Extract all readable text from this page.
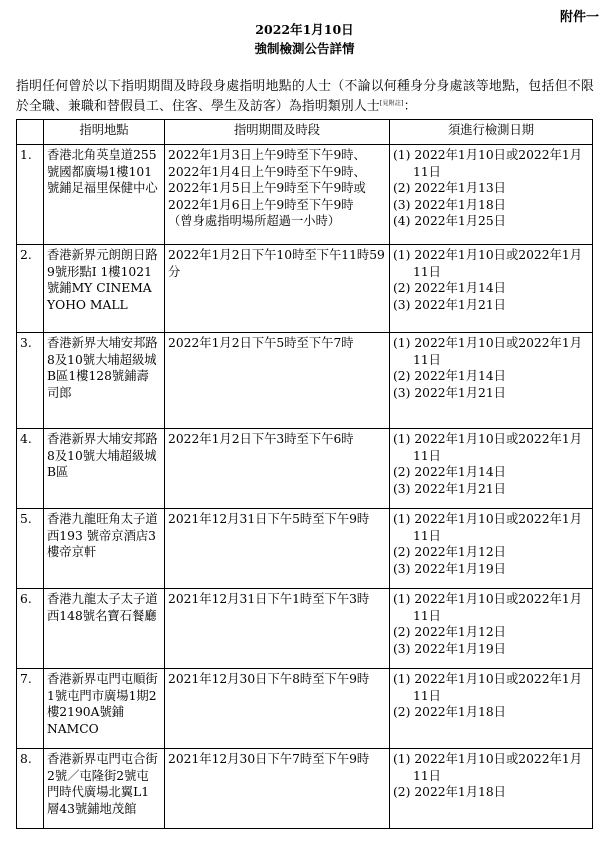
附件一
2022年1月10日
強制檢測公告詳情
指明任何曾於以下指明期間及時段身處指明地點的人士（不論以何種身分身處該等地點，包括但不限於全職、兼職和替假員工、住客、學生及訪客）為指明類別人士[見附註]：
	指明地點	指明期間及時段	須進行檢測日期
1.	香港北角英皇道255號國都廣場1樓101號鋪足福里保健中心	2022年1月3日上午9時至下午9時、
2022年1月4日上午9時至下午9時、
2022年1月5日上午9時至下午9時或
2022年1月6日上午9時至下午9時
（曾身處指明場所超過一小時）	(1) 2022年1月10日或2022年1月11日
(2) 2022年1月13日
(3) 2022年1月18日
(4) 2022年1月25日

2.	香港新界元朗朗日路9號形點I 1樓1021號鋪MY CINEMA YOHO MALL	2022年1月2日下午10時至下午11時59分	(1) 2022年1月10日或2022年1月11日
(2) 2022年1月14日
(3) 2022年1月21日

3.	香港新界大埔安邦路8及10號大埔超級城B區1樓128號鋪壽司郎	2022年1月2日下午5時至下午7時	(1) 2022年1月10日或2022年1月11日
(2) 2022年1月14日
(3) 2022年1月21日

4.	香港新界大埔安邦路8及10號大埔超級城B區	2022年1月2日下午3時至下午6時	(1) 2022年1月10日或2022年1月11日
(2) 2022年1月14日
(3) 2022年1月21日

5.	香港九龍旺角太子道西193 號帝京酒店3樓帝京軒	2021年12月31日下午5時至下午9時	(1) 2022年1月10日或2022年1月11日
(2) 2022年1月12日
(3) 2022年1月19日

6.	香港九龍太子太子道西148號名寶石餐廳	2021年12月31日下午1時至下午3時	(1) 2022年1月10日或2022年1月11日
(2) 2022年1月12日
(3) 2022年1月19日

7.	香港新界屯門屯順街1號屯門市廣場1期2樓2190A號鋪NAMCO	2021年12月30日下午8時至下午9時	(1) 2022年1月10日或2022年1月11日
(2) 2022年1月18日

8.	香港新界屯門屯合街2號／屯隆街2號屯門時代廣場北翼L1層43號鋪地茂館	2021年12月30日下午7時至下午9時	(1) 2022年1月10日或2022年1月11日
(2) 2022年1月18日
